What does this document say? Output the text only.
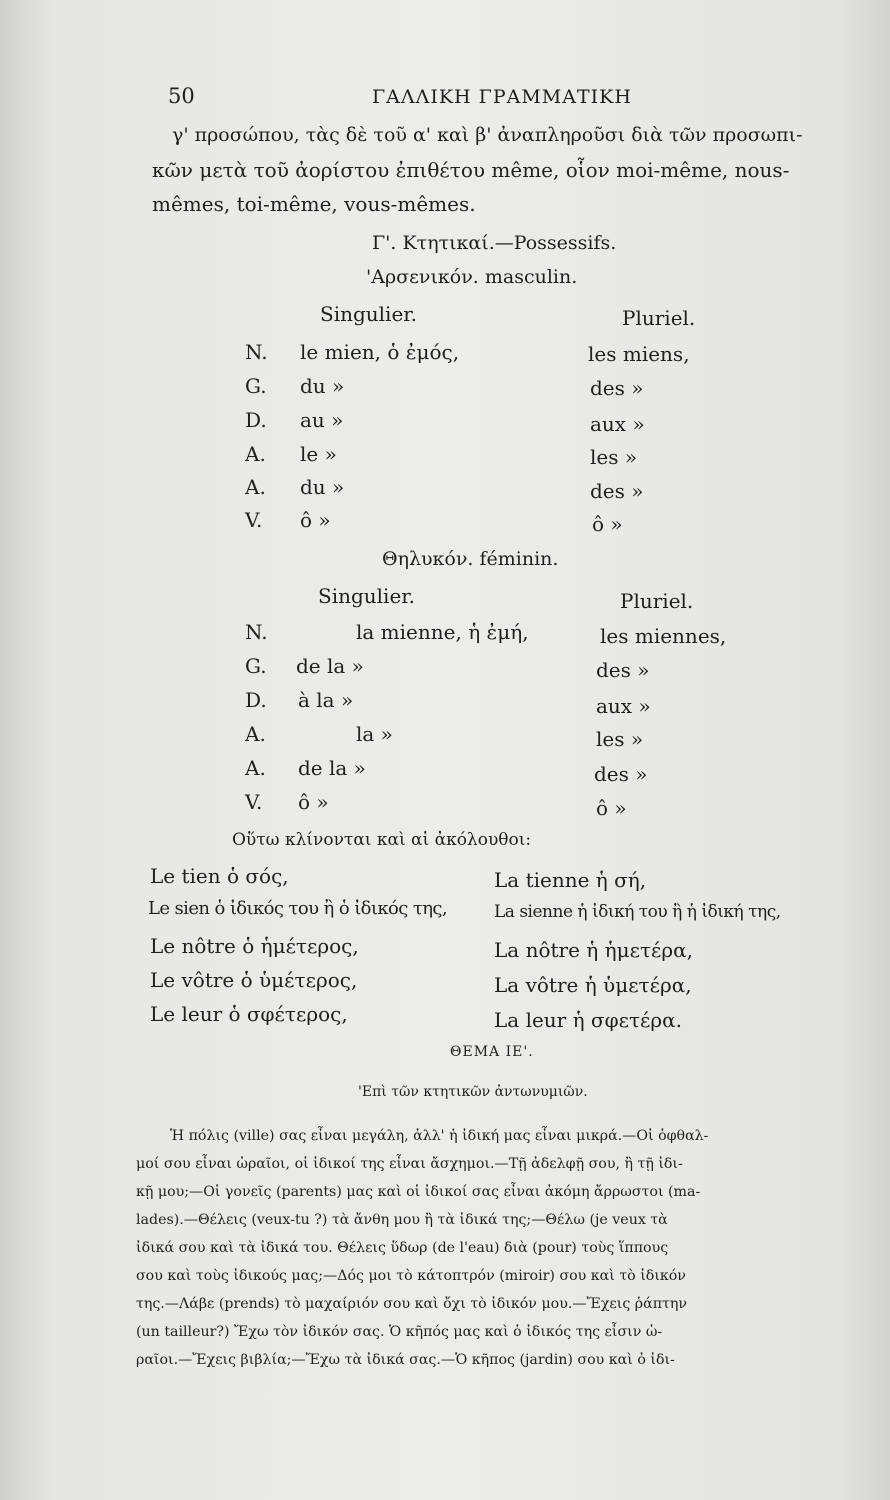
50	ΓΑΛΛΙΚΗ ΓΡΑΜΜΑΤΙΚΗ
γ' προσώπου, τὰς δὲ τοῦ α' καὶ β' ἀναπληροῦσι διὰ τῶν προσωπι-
κῶν μετὰ τοῦ ἀορίστου ἐπιθέτου même, οἷον moi-même, nous-
mêmes, toi-même, vous-mêmes.
Γ'. Κτητικαί.—Possessifs.
'Αρσενικόν. masculin.
Singulier.	Pluriel.
N. le mien, ὁ ἐμός,	les miens,
G. du »	des »
D. au »	aux »
A. le »	les »
A. du »	des »
V. ô »	ô »
Θηλυκόν. féminin.
Singulier.	Pluriel.
N.	la mienne, ἡ ἐμή,	les miennes,
G. de la »	des »
D. à la »	aux »
A.	la »	les »
A. de la »	des »
V. ô »	ô »
Οὕτω κλίνονται καὶ αἱ ἀκόλουθοι:
Le tien ὁ σός,	La tienne ἡ σή,
Le sien ὁ ἰδικός του ἢ ὁ ἰδικός της,	La sienne ἡ ἰδική του ἢ ἡ ἰδική της,
Le nôtre ὁ ἡμέτερος,	La nôtre ἡ ἡμετέρα,
Le vôtre ὁ ὑμέτερος,	La vôtre ἡ ὑμετέρα,
Le leur ὁ σφέτερος,	La leur ἡ σφετέρα.
ΘΕΜΑ ΙΕ'.
'Επὶ τῶν κτητικῶν ἀντωνυμιῶν.
Ἡ πόλις (ville) σας εἶναι μεγάλη, ἀλλ' ἡ ἰδική μας εἶναι μικρά.—Οἱ ὀφθαλ-
μοί σου εἶναι ὡραῖοι, οἱ ἰδικοί της εἶναι ἄσχημοι.—Τῇ ἀδελφῇ σου, ἢ τῇ ἰδι-
κῇ μου;—Οἱ γονεῖς (parents) μας καὶ οἱ ἰδικοί σας εἶναι ἀκόμη ἄρρωστοι (ma-
lades).—Θέλεις (veux-tu ?) τὰ ἄνθη μου ἢ τὰ ἰδικά της;—Θέλω (je veux τὰ
ἰδικά σου καὶ τὰ ἰδικά του. Θέλεις ὕδωρ (de l'eau) διὰ (pour) τοὺς ἵππους
σου καὶ τοὺς ἰδικούς μας;—Δός μοι τὸ κάτοπτρόν (miroir) σου καὶ τὸ ἰδικόν
της.—Λάβε (prends) τὸ μαχαίριόν σου καὶ ὄχι τὸ ἰδικόν μου.—Ἔχεις ῥάπτην
(un tailleur?) Ἔχω τὸν ἰδικόν σας. Ὁ κῆπός μας καὶ ὁ ἰδικός της εἶσιν ὡ-
ραῖοι.—Ἔχεις βιβλία;—Ἔχω τὰ ἰδικά σας.—Ὁ κῆπος (jardin) σου καὶ ὁ ἰδι-
